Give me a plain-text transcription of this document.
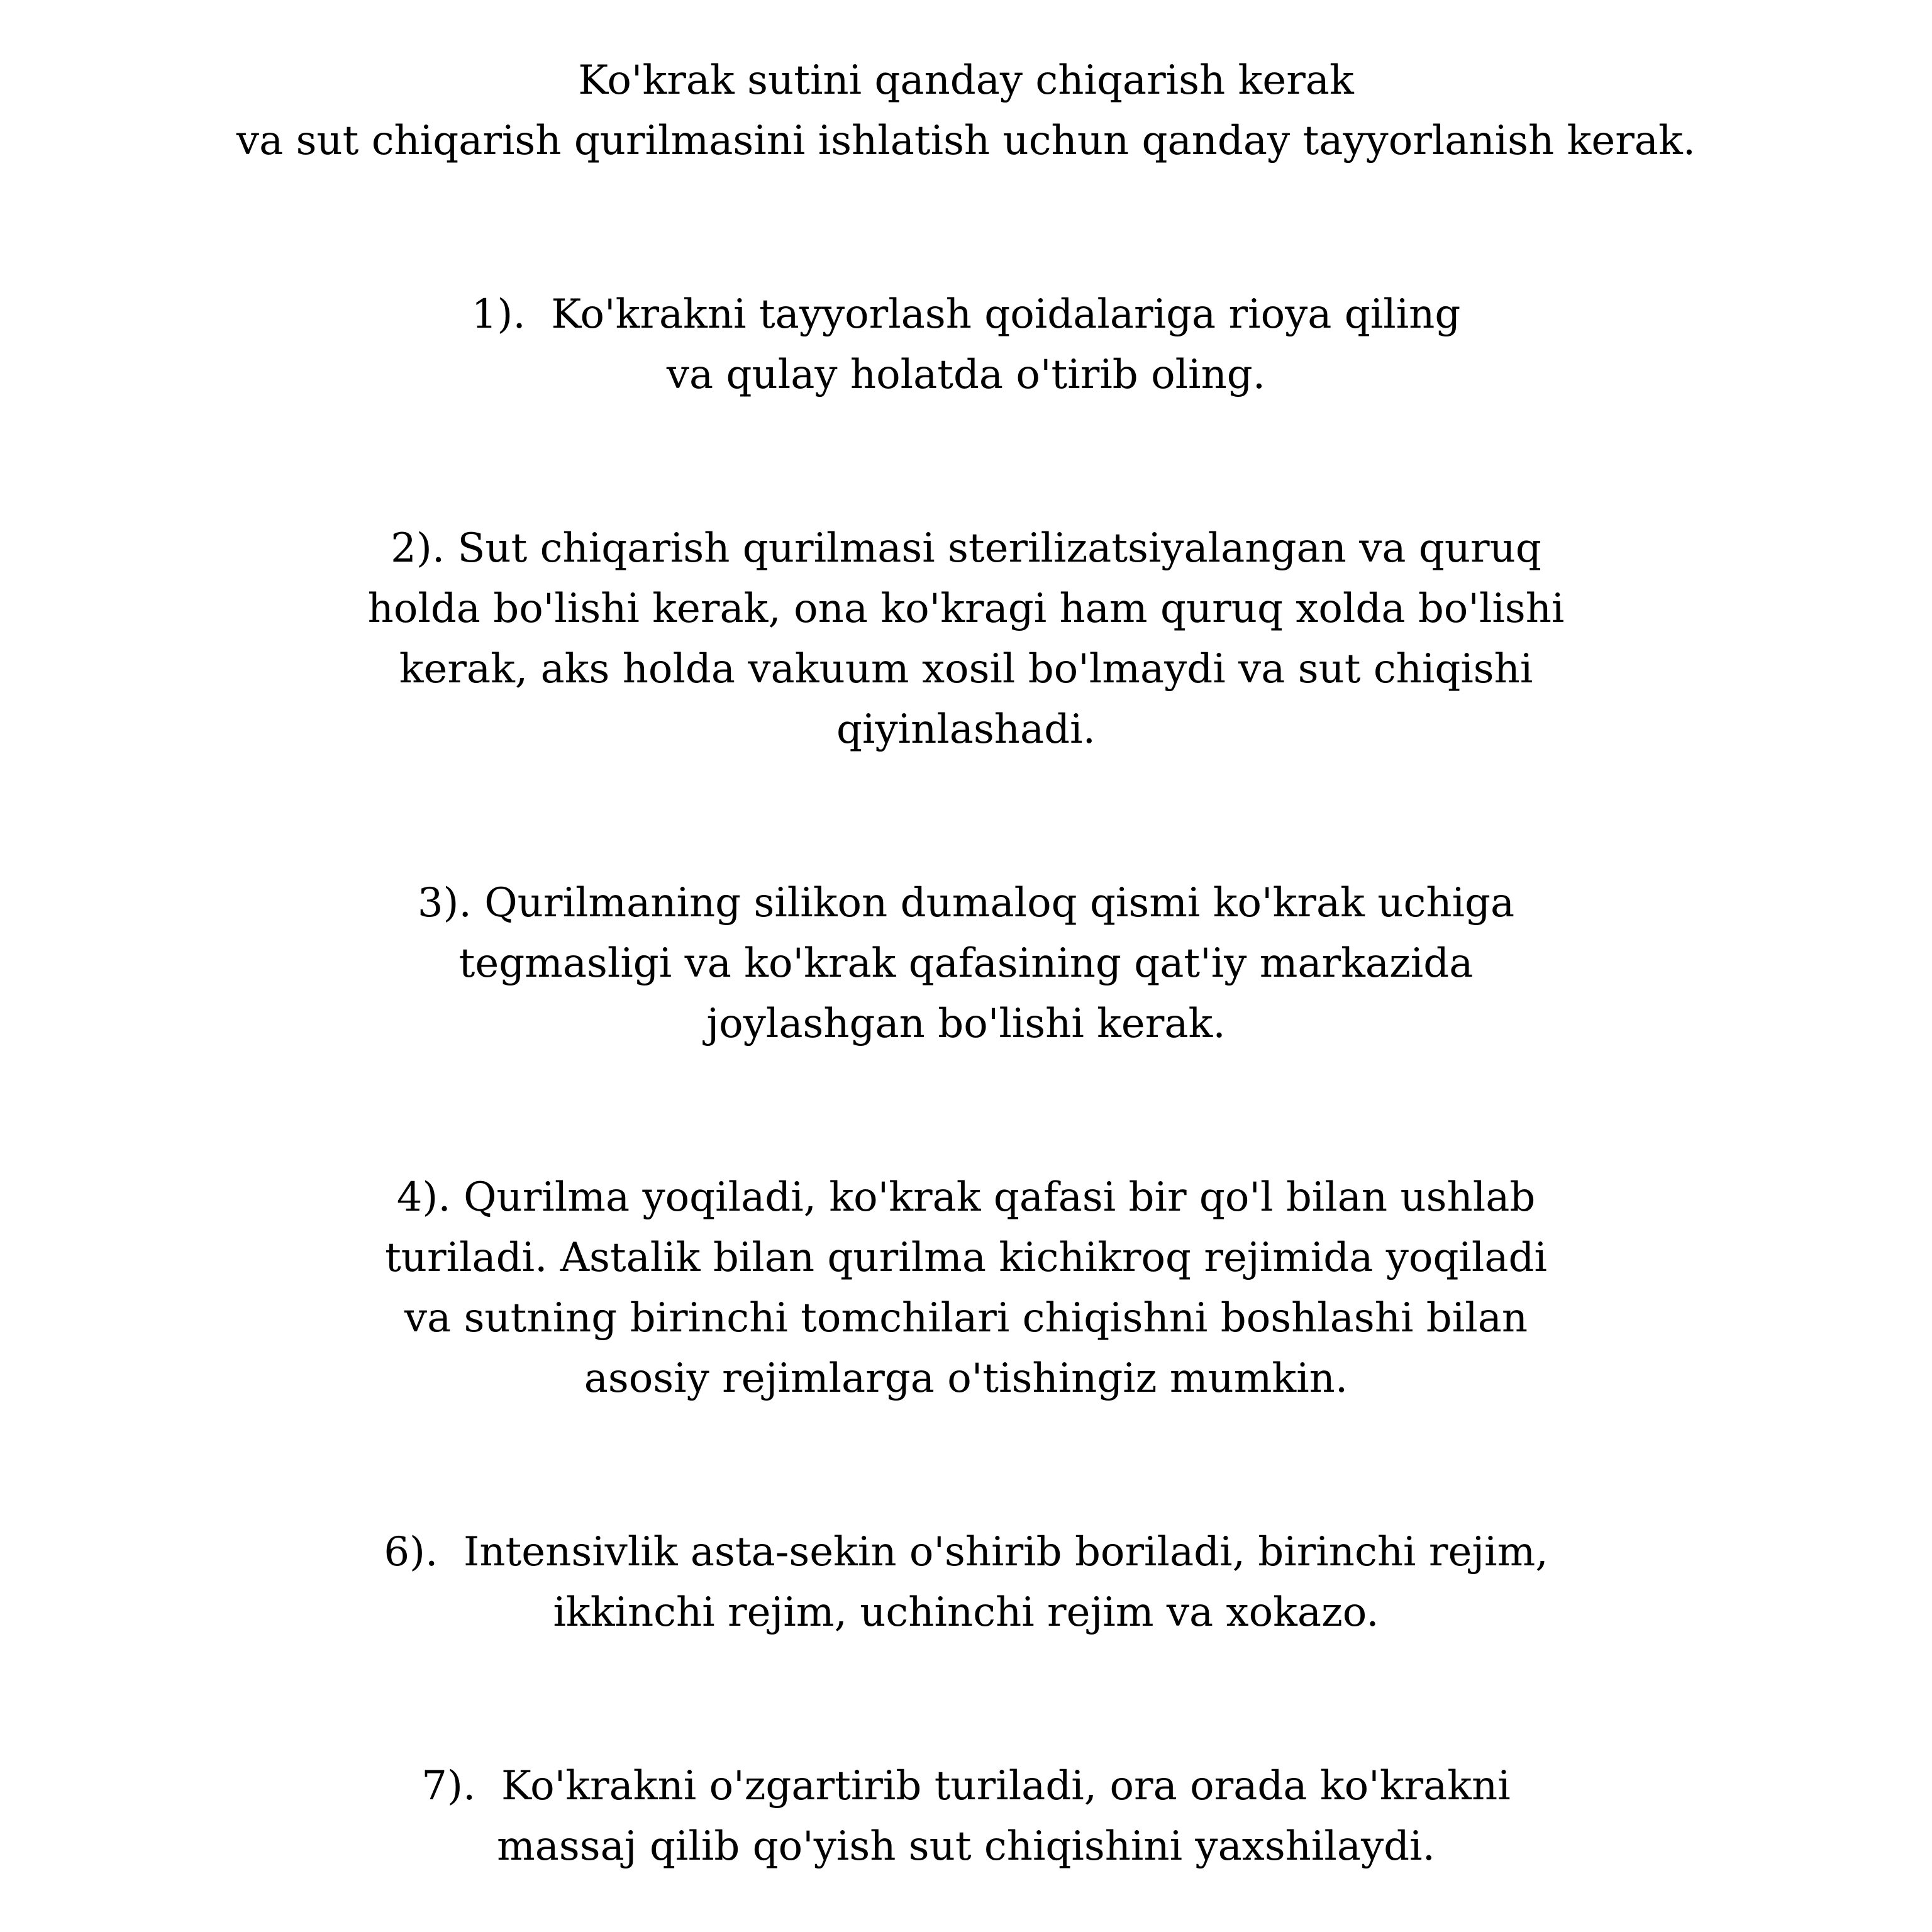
Ko'krak sutini qanday chiqarish kerak
va sut chiqarish qurilmasini ishlatish uchun qanday tayyorlanish kerak.
1).  Ko'krakni tayyorlash qoidalariga rioya qiling
va qulay holatda o'tirib oling.
2). Sut chiqarish qurilmasi sterilizatsiyalangan va quruq
holda bo'lishi kerak, ona ko'kragi ham quruq xolda bo'lishi
kerak, aks holda vakuum xosil bo'lmaydi va sut chiqishi
qiyinlashadi.
3). Qurilmaning silikon dumaloq qismi ko'krak uchiga
tegmasligi va ko'krak qafasining qat'iy markazida
joylashgan bo'lishi kerak.
4). Qurilma yoqiladi, ko'krak qafasi bir qo'l bilan ushlab
turiladi. Astalik bilan qurilma kichikroq rejimida yoqiladi
va sutning birinchi tomchilari chiqishni boshlashi bilan
asosiy rejimlarga o'tishingiz mumkin.
6).  Intensivlik asta-sekin o'shirib boriladi, birinchi rejim,
ikkinchi rejim, uchinchi rejim va xokazo.
7).  Ko'krakni o'zgartirib turiladi, ora orada ko'krakni
massaj qilib qo'yish sut chiqishini yaxshilaydi.
